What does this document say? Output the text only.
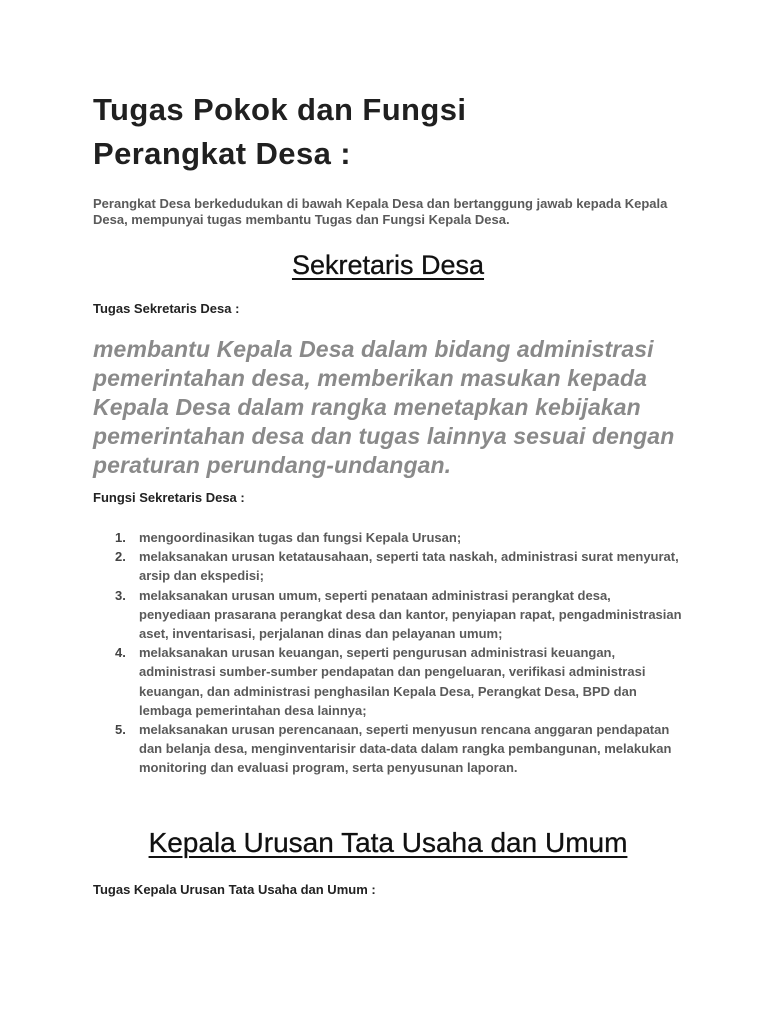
Tugas Pokok dan Fungsi
Perangkat Desa :

Perangkat Desa berkedudukan di bawah Kepala Desa dan bertanggung jawab kepada Kepala Desa, mempunyai tugas membantu Tugas dan Fungsi Kepala Desa.

Sekretaris Desa

Tugas Sekretaris Desa :

membantu Kepala Desa dalam bidang administrasi pemerintahan desa, memberikan masukan kepada Kepala Desa dalam rangka menetapkan kebijakan pemerintahan desa dan tugas lainnya sesuai dengan peraturan perundang-undangan.

Fungsi Sekretaris Desa :

1. mengoordinasikan tugas dan fungsi Kepala Urusan;
2. melaksanakan urusan ketatausahaan, seperti tata naskah, administrasi surat menyurat, arsip dan ekspedisi;
3. melaksanakan urusan umum, seperti penataan administrasi perangkat desa, penyediaan prasarana perangkat desa dan kantor, penyiapan rapat, pengadministrasian aset, inventarisasi, perjalanan dinas dan pelayanan umum;
4. melaksanakan urusan keuangan, seperti pengurusan administrasi keuangan, administrasi sumber-sumber pendapatan dan pengeluaran, verifikasi administrasi keuangan, dan administrasi penghasilan Kepala Desa, Perangkat Desa, BPD dan lembaga pemerintahan desa lainnya;
5. melaksanakan urusan perencanaan, seperti menyusun rencana anggaran pendapatan dan belanja desa, menginventarisir data-data dalam rangka pembangunan, melakukan monitoring dan evaluasi program, serta penyusunan laporan.
Kepala Urusan Tata Usaha dan Umum

Tugas Kepala Urusan Tata Usaha dan Umum :
